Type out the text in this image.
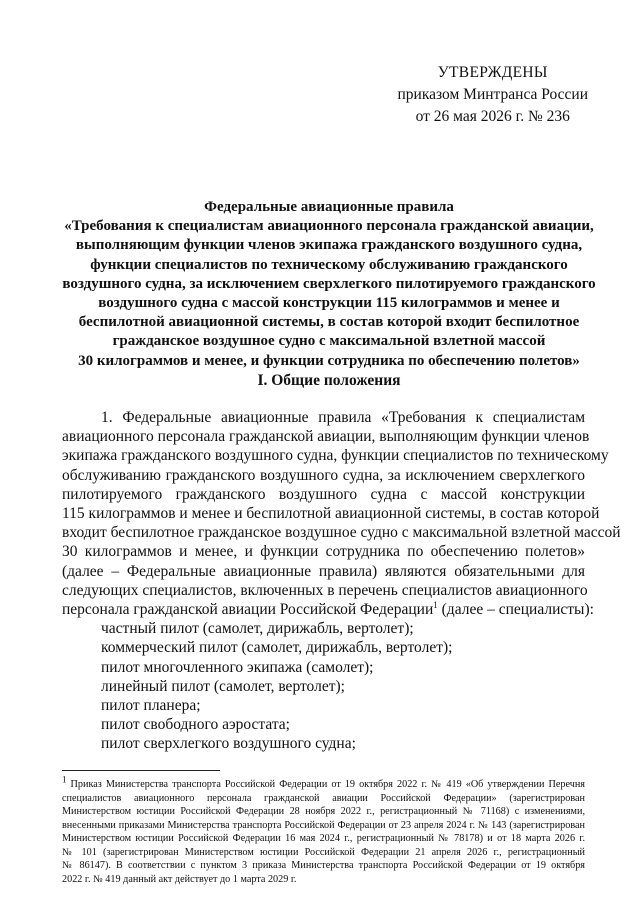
УТВЕРЖДЕНЫ
приказом Минтранса России
от 26 мая 2026 г. № 236
Федеральные авиационные правила
«Требования к специалистам авиационного персонала гражданской авиации,
выполняющим функции членов экипажа гражданского воздушного судна,
функции специалистов по техническому обслуживанию гражданского
воздушного судна, за исключением сверхлегкого пилотируемого гражданского
воздушного судна с массой конструкции 115 килограммов и менее и
беспилотной авиационной системы, в состав которой входит беспилотное
гражданское воздушное судно с максимальной взлетной массой
30 килограммов и менее, и функции сотрудника по обеспечению полетов»
I. Общие положения
1. Федеральные авиационные правила «Требования к специалистам
авиационного персонала гражданской авиации, выполняющим функции членов
экипажа гражданского воздушного судна, функции специалистов по техническому
обслуживанию гражданского воздушного судна, за исключением сверхлегкого
пилотируемого гражданского воздушного судна с массой конструкции
115 килограммов и менее и беспилотной авиационной системы, в состав которой
входит беспилотное гражданское воздушное судно с максимальной взлетной массой
30 килограммов и менее, и функции сотрудника по обеспечению полетов»
(далее – Федеральные авиационные правила) являются обязательными для
следующих специалистов, включенных в перечень специалистов авиационного
персонала гражданской авиации Российской Федерации$^1$ (далее – специалисты):
частный пилот (самолет, дирижабль, вертолет);
коммерческий пилот (самолет, дирижабль, вертолет);
пилот многочленного экипажа (самолет);
линейный пилот (самолет, вертолет);
пилот планера;
пилот свободного аэростата;
пилот сверхлегкого воздушного судна;
$^1$ Приказ Министерства транспорта Российской Федерации от 19 октября 2022 г. № 419 «Об утверждении Перечня
специалистов авиационного персонала гражданской авиации Российской Федерации» (зарегистрирован
Министерством юстиции Российской Федерации 28 ноября 2022 г., регистрационный № 71168) с изменениями,
внесенными приказами Министерства транспорта Российской Федерации от 23 апреля 2024 г. № 143 (зарегистрирован
Министерством юстиции Российской Федерации 16 мая 2024 г., регистрационный № 78178) и от 18 марта 2026 г.
№ 101 (зарегистрирован Министерством юстиции Российской Федерации 21 апреля 2026 г., регистрационный
№ 86147). В соответствии с пунктом 3 приказа Министерства транспорта Российской Федерации от 19 октября
2022 г. № 419 данный акт действует до 1 марта 2029 г.
